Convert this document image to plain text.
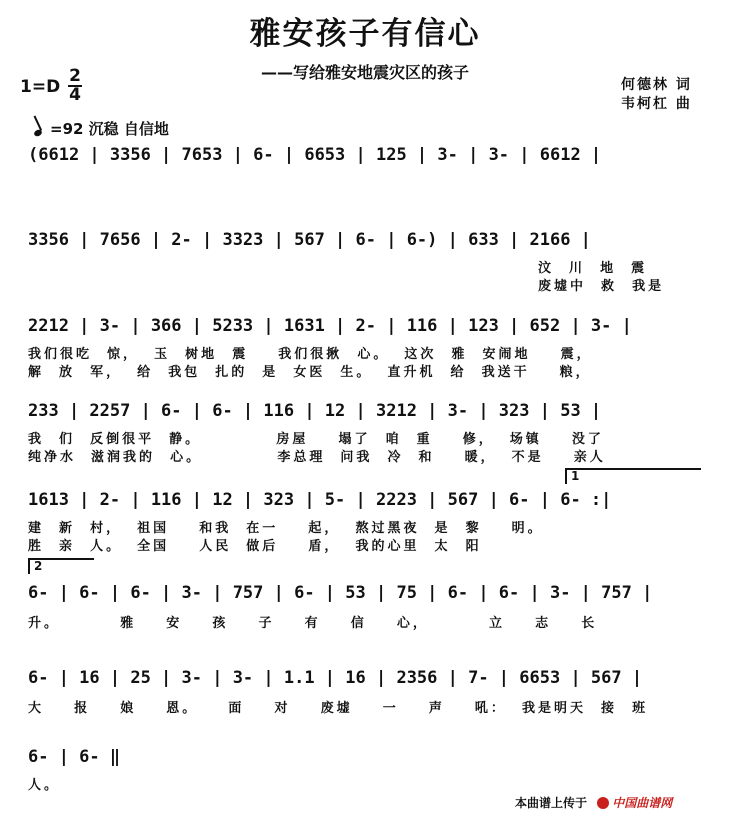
雅安孩子有信心
——写给雅安地震灾区的孩子
1=D
2
4	何德林 词
韦柯杠 曲
=92 沉稳 自信地
(6612 | 3356 | 7653 | 6- | 6653 | 125 | 3- | 3- | 6612 |
3356 | 7656 | 2- | 3323 | 567 | 6- | 6-) | 633 | 2166 |
汶  川  地  震
废墟中  救  我是
2212 | 3- | 366 | 5233 | 1631 | 2- | 116 | 123 | 652 | 3- |
我们很吃  惊，  玉  树地  震    我们很揪  心。  这次  雅  安闹地    震，
解  放  军，  给  我包  扎的  是  女医  生。  直升机  给  我送干    粮，
233 | 2257 | 6- | 6- | 116 | 12 | 3212 | 3- | 323 | 53 |
我  们  反倒很平  静。          房屋    塌了  咱  重    修，  场镇    没了
纯净水  滋润我的  心。          李总理  问我  冷  和    暖，  不是    亲人
1
1613 | 2- | 116 | 12 | 323 | 5- | 2223 | 567 | 6- | 6- :|
建  新  村，  祖国    和我  在一    起，  熬过黑夜  是  黎    明。
胜  亲  人。  全国    人民  做后    盾，  我的心里  太  阳
2
6- | 6- | 6- | 3- | 757 | 6- | 53 | 75 | 6- | 6- | 3- | 757 |
升。        雅    安    孩    子    有    信    心，        立    志    长
6- | 16 | 25 | 3- | 3- | 1.1 | 16 | 2356 | 7- | 6653 | 567 |
大    报    娘    恩。    面    对    废墟    一    声    吼：  我是明天  接  班
6- | 6- ‖
人。
本曲谱上传于 中国曲谱网
